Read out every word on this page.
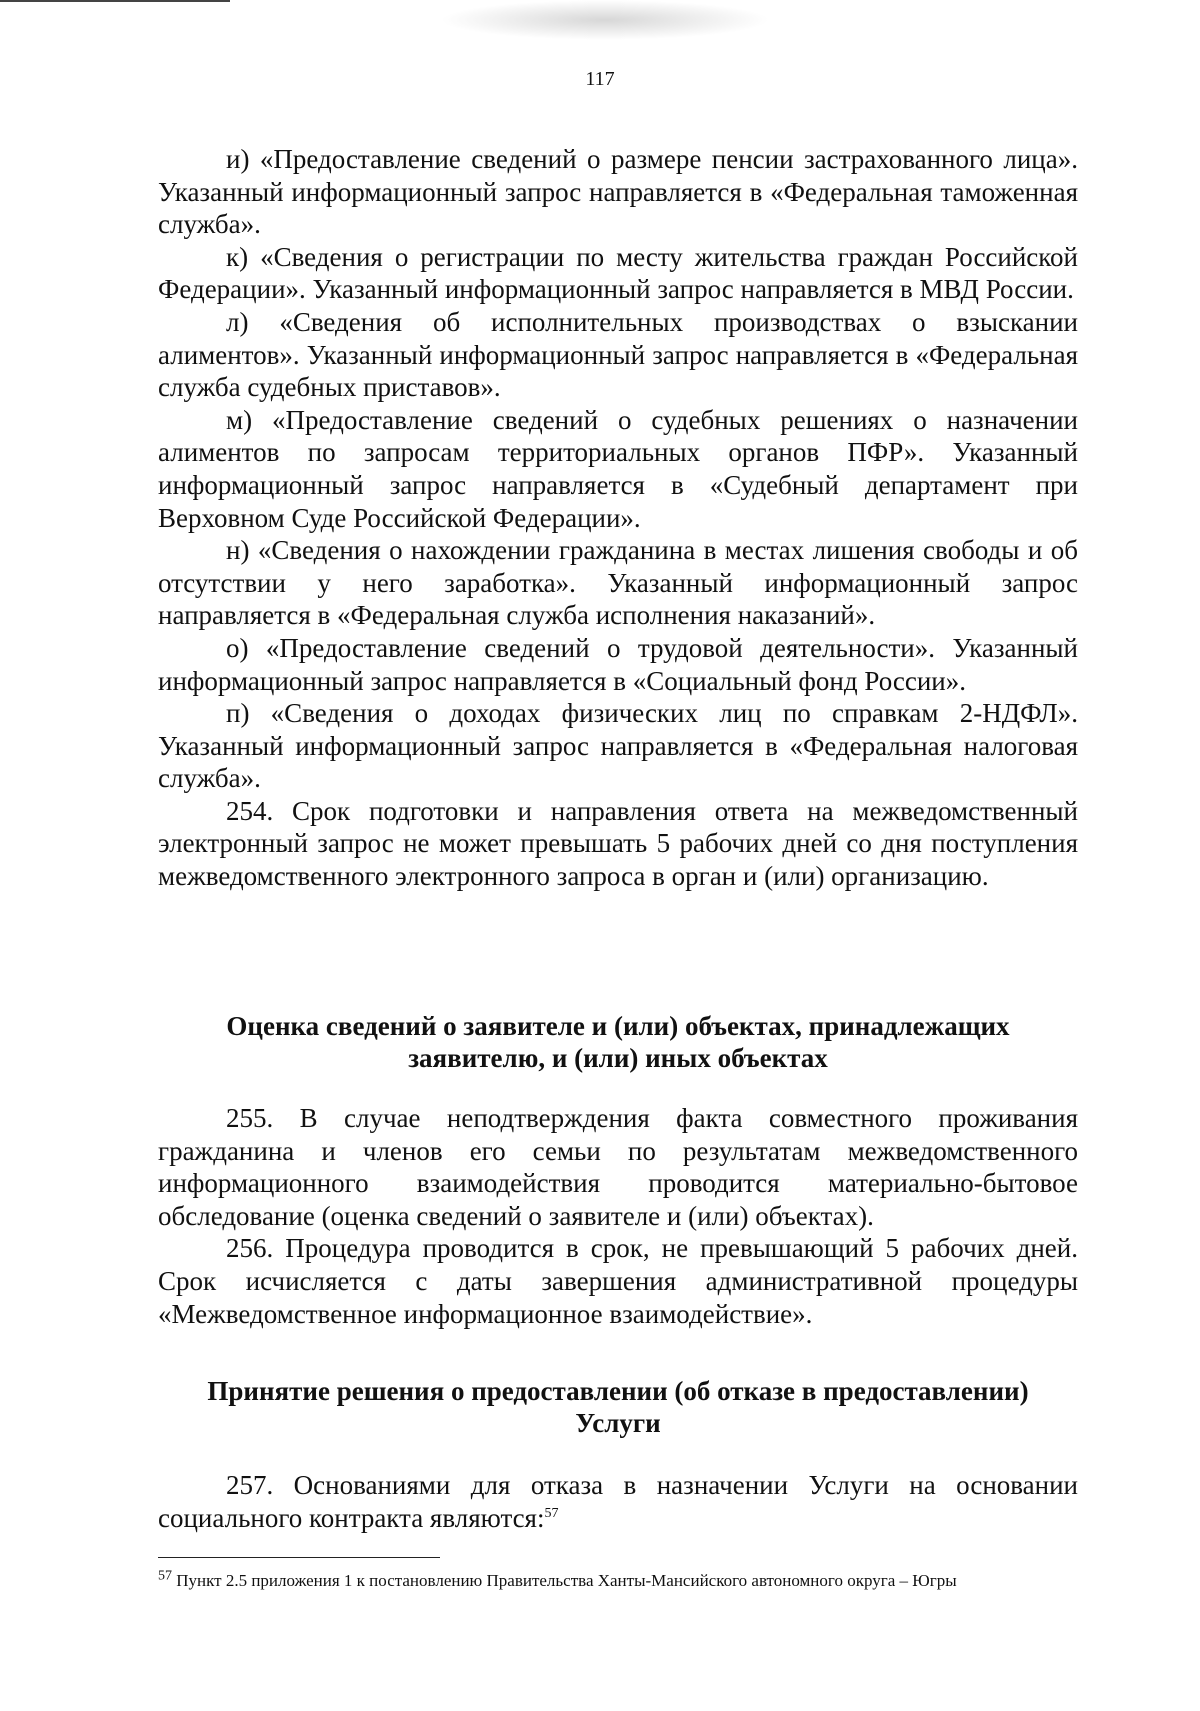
117

и) «Предоставление сведений о размере пенсии застрахованного лица». Указанный информационный запрос направляется в «Федеральная таможенная служба».

к) «Сведения о регистрации по месту жительства граждан Российской Федерации». Указанный информационный запрос направляется в МВД России.

л) «Сведения об исполнительных производствах о взыскании алиментов». Указанный информационный запрос направляется в «Федеральная служба судебных приставов».

м) «Предоставление сведений о судебных решениях о назначении алиментов по запросам территориальных органов ПФР». Указанный информационный запрос направляется в «Судебный департамент при Верховном Суде Российской Федерации».

н) «Сведения о нахождении гражданина в местах лишения свободы и об отсутствии у него заработка». Указанный информационный запрос направляется в «Федеральная служба исполнения наказаний».

о) «Предоставление сведений о трудовой деятельности». Указанный информационный запрос направляется в «Социальный фонд России».

п) «Сведения о доходах физических лиц по справкам 2-НДФЛ». Указанный информационный запрос направляется в «Федеральная налоговая служба».

254. Срок подготовки и направления ответа на межведомственный электронный запрос не может превышать 5 рабочих дней со дня поступления межведомственного электронного запроса в орган и (или) организацию.

Оценка сведений о заявителе и (или) объектах, принадлежащих

заявителю, и (или) иных объектах

255. В случае неподтверждения факта совместного проживания гражданина и членов его семьи по результатам межведомственного информационного взаимодействия проводится материально-бытовое обследование (оценка сведений о заявителе и (или) объектах).

256. Процедура проводится в срок, не превышающий 5 рабочих дней. Срок исчисляется с даты завершения административной процедуры «Межведомственное информационное взаимодействие».

Принятие решения о предоставлении (об отказе в предоставлении)

Услуги

257. Основаниями для отказа в назначении Услуги на основании социального контракта являются:$^{57}$

$^{57}$ Пункт 2.5 приложения 1 к постановлению Правительства Ханты-Мансийского автономного округа – Югры
